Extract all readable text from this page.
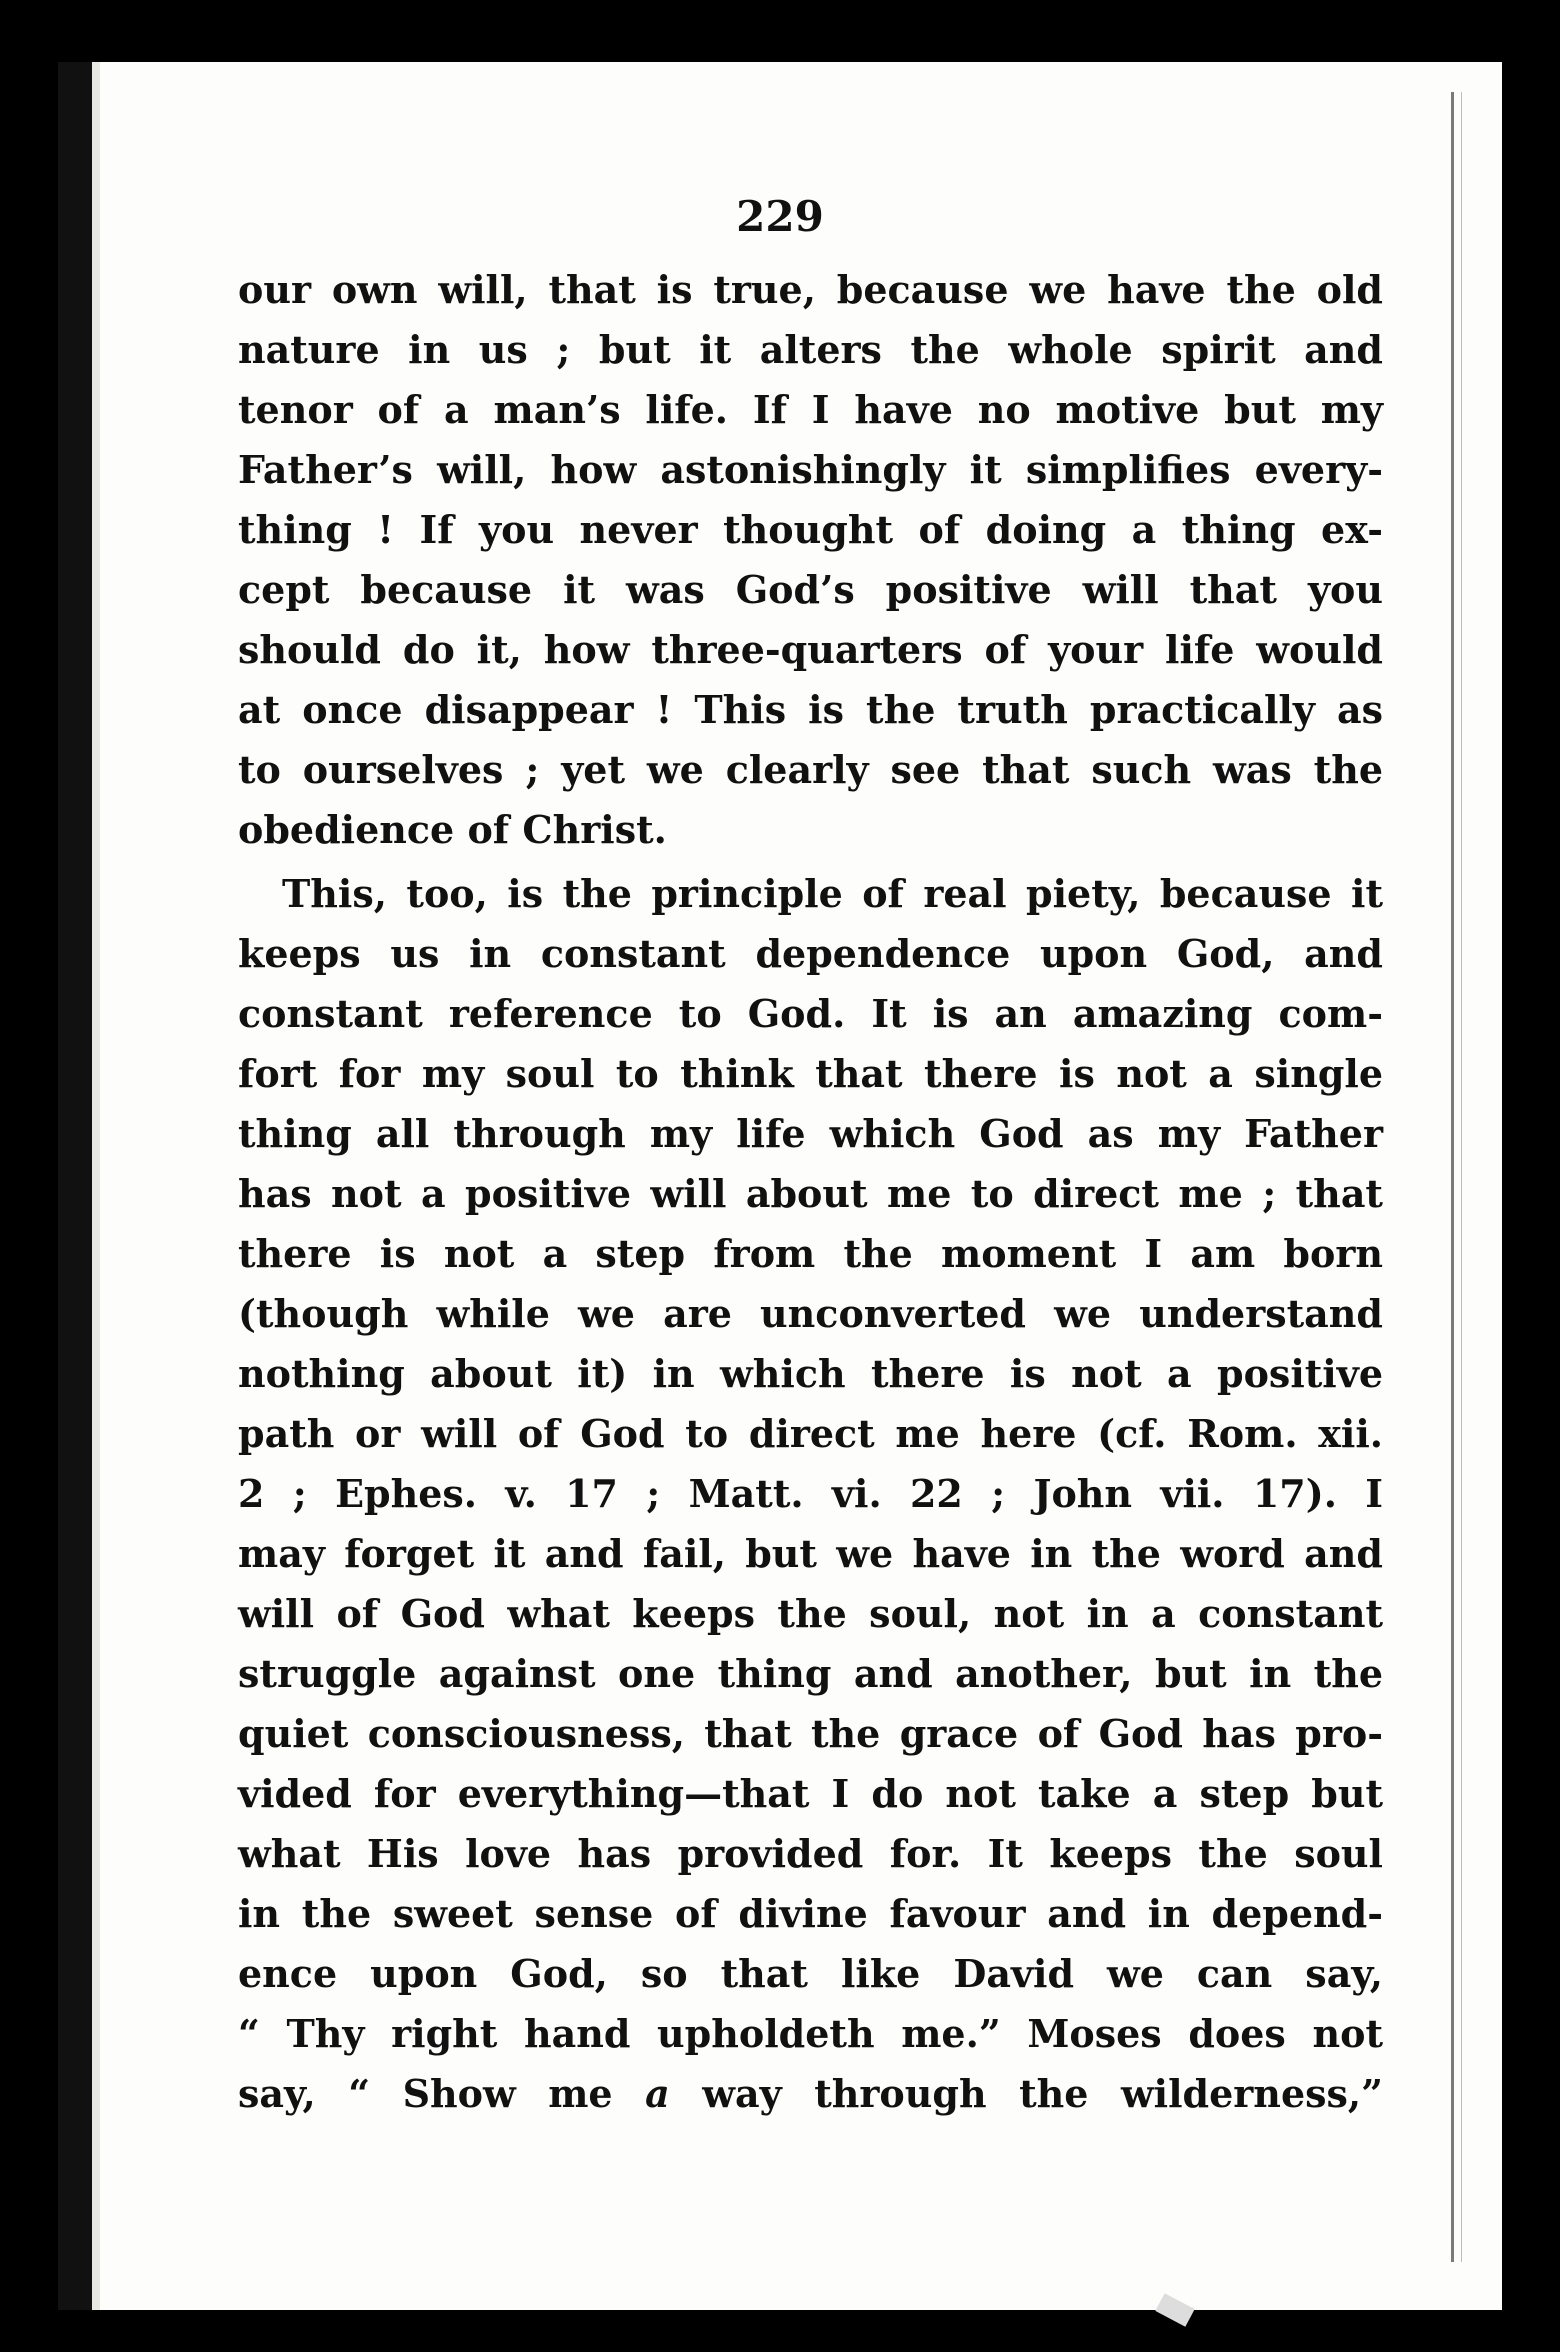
229
our own will, that is true, because we have the old
nature in us ; but it alters the whole spirit and
tenor of a man’s life. If I have no motive but my
Father’s will, how astonishingly it simplifies every-
thing ! If you never thought of doing a thing ex-
cept because it was God’s positive will that you
should do it, how three-quarters of your life would
at once disappear ! This is the truth practically as
to ourselves ; yet we clearly see that such was the
obedience of Christ.
This, too, is the principle of real piety, because it
keeps us in constant dependence upon God, and
constant reference to God. It is an amazing com-
fort for my soul to think that there is not a single
thing all through my life which God as my Father
has not a positive will about me to direct me ; that
there is not a step from the moment I am born
(though while we are unconverted we understand
nothing about it) in which there is not a positive
path or will of God to direct me here (cf. Rom. xii.
2 ; Ephes. v. 17 ; Matt. vi. 22 ; John vii. 17). I
may forget it and fail, but we have in the word and
will of God what keeps the soul, not in a constant
struggle against one thing and another, but in the
quiet consciousness, that the grace of God has pro-
vided for everything—that I do not take a step but
what His love has provided for. It keeps the soul
in the sweet sense of divine favour and in depend-
ence upon God, so that like David we can say,
“ Thy right hand upholdeth me.” Moses does not
say, “ Show me a way through the wilderness,”
